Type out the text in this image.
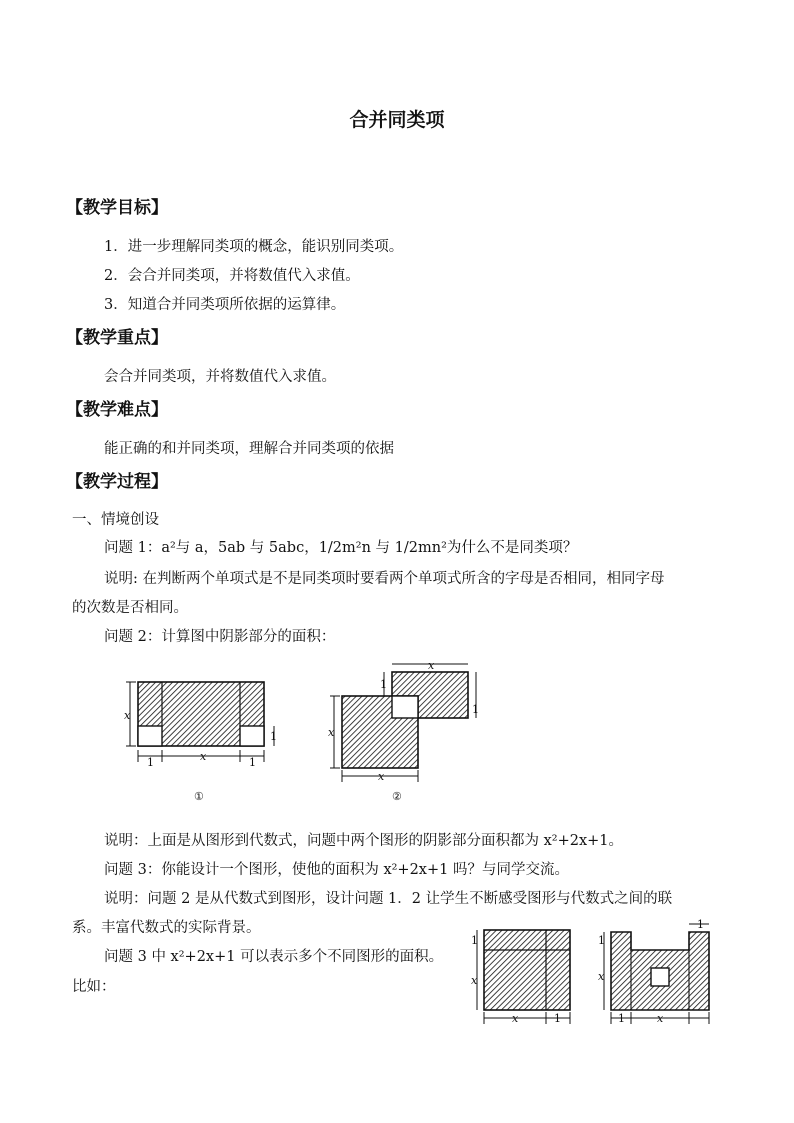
合并同类项
【教学目标】
1．进一步理解同类项的概念，能识别同类项。
2．会合并同类项，并将数值代入求值。
3．知道合并同类项所依据的运算律。
【教学重点】
会合并同类项，并将数值代入求值。
【教学难点】
能正确的和并同类项，理解合并同类项的依据
【教学过程】
一、情境创设
问题 1：a²与 a，5ab 与 5abc，1/2m²n 与 1/2mn²为什么不是同类项？
说明: 在判断两个单项式是不是同类项时要看两个单项式所含的字母是否相同，相同字母
的次数是否相同。
问题 2：计算图中阴影部分的面积：
x
1	x	1
1
①
x
1
1
x
x
②
说明：上面是从图形到代数式，问题中两个图形的阴影部分面积都为 x²+2x+1。
问题 3：你能设计一个图形，使他的面积为 x²+2x+1 吗？与同学交流。
说明：问题 2 是从代数式到图形，设计问题 1．2 让学生不断感受图形与代数式之间的联
系。丰富代数式的实际背景。
问题 3 中 x²+2x+1 可以表示多个不同图形的面积。
比如：
1
x
x	1
1
1
x
1	x
